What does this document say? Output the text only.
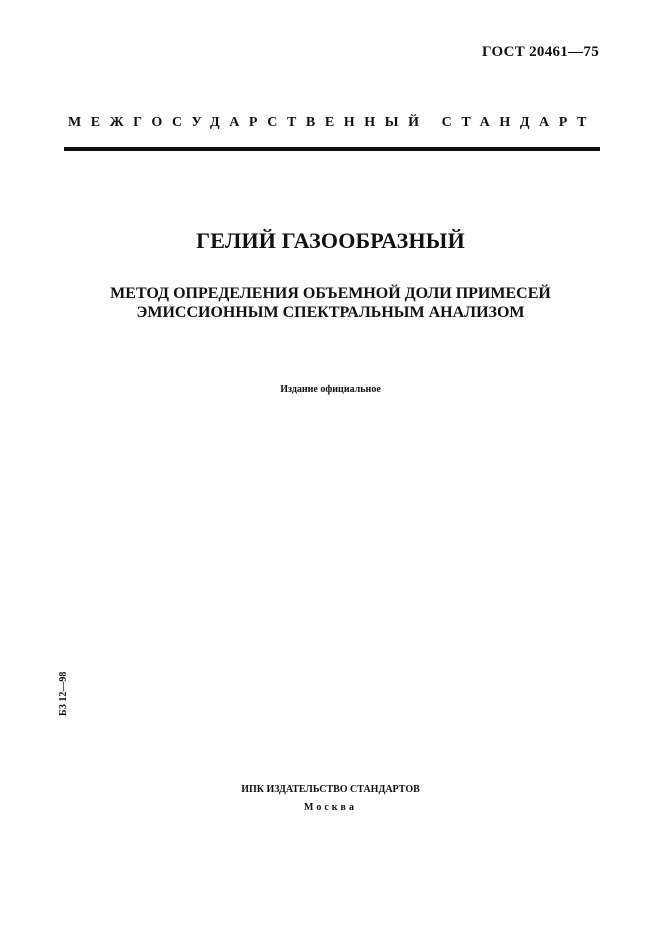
ГОСТ 20461—75
МЕЖГОСУДАРСТВЕННЫЙ СТАНДАРТ
ГЕЛИЙ ГАЗООБРАЗНЫЙ
МЕТОД ОПРЕДЕЛЕНИЯ ОБЪЕМНОЙ ДОЛИ ПРИМЕСЕЙ
ЭМИССИОННЫМ СПЕКТРАЛЬНЫМ АНАЛИЗОМ
Издание официальное
БЗ 12—98
ИПК ИЗДАТЕЛЬСТВО СТАНДАРТОВ
Москва
